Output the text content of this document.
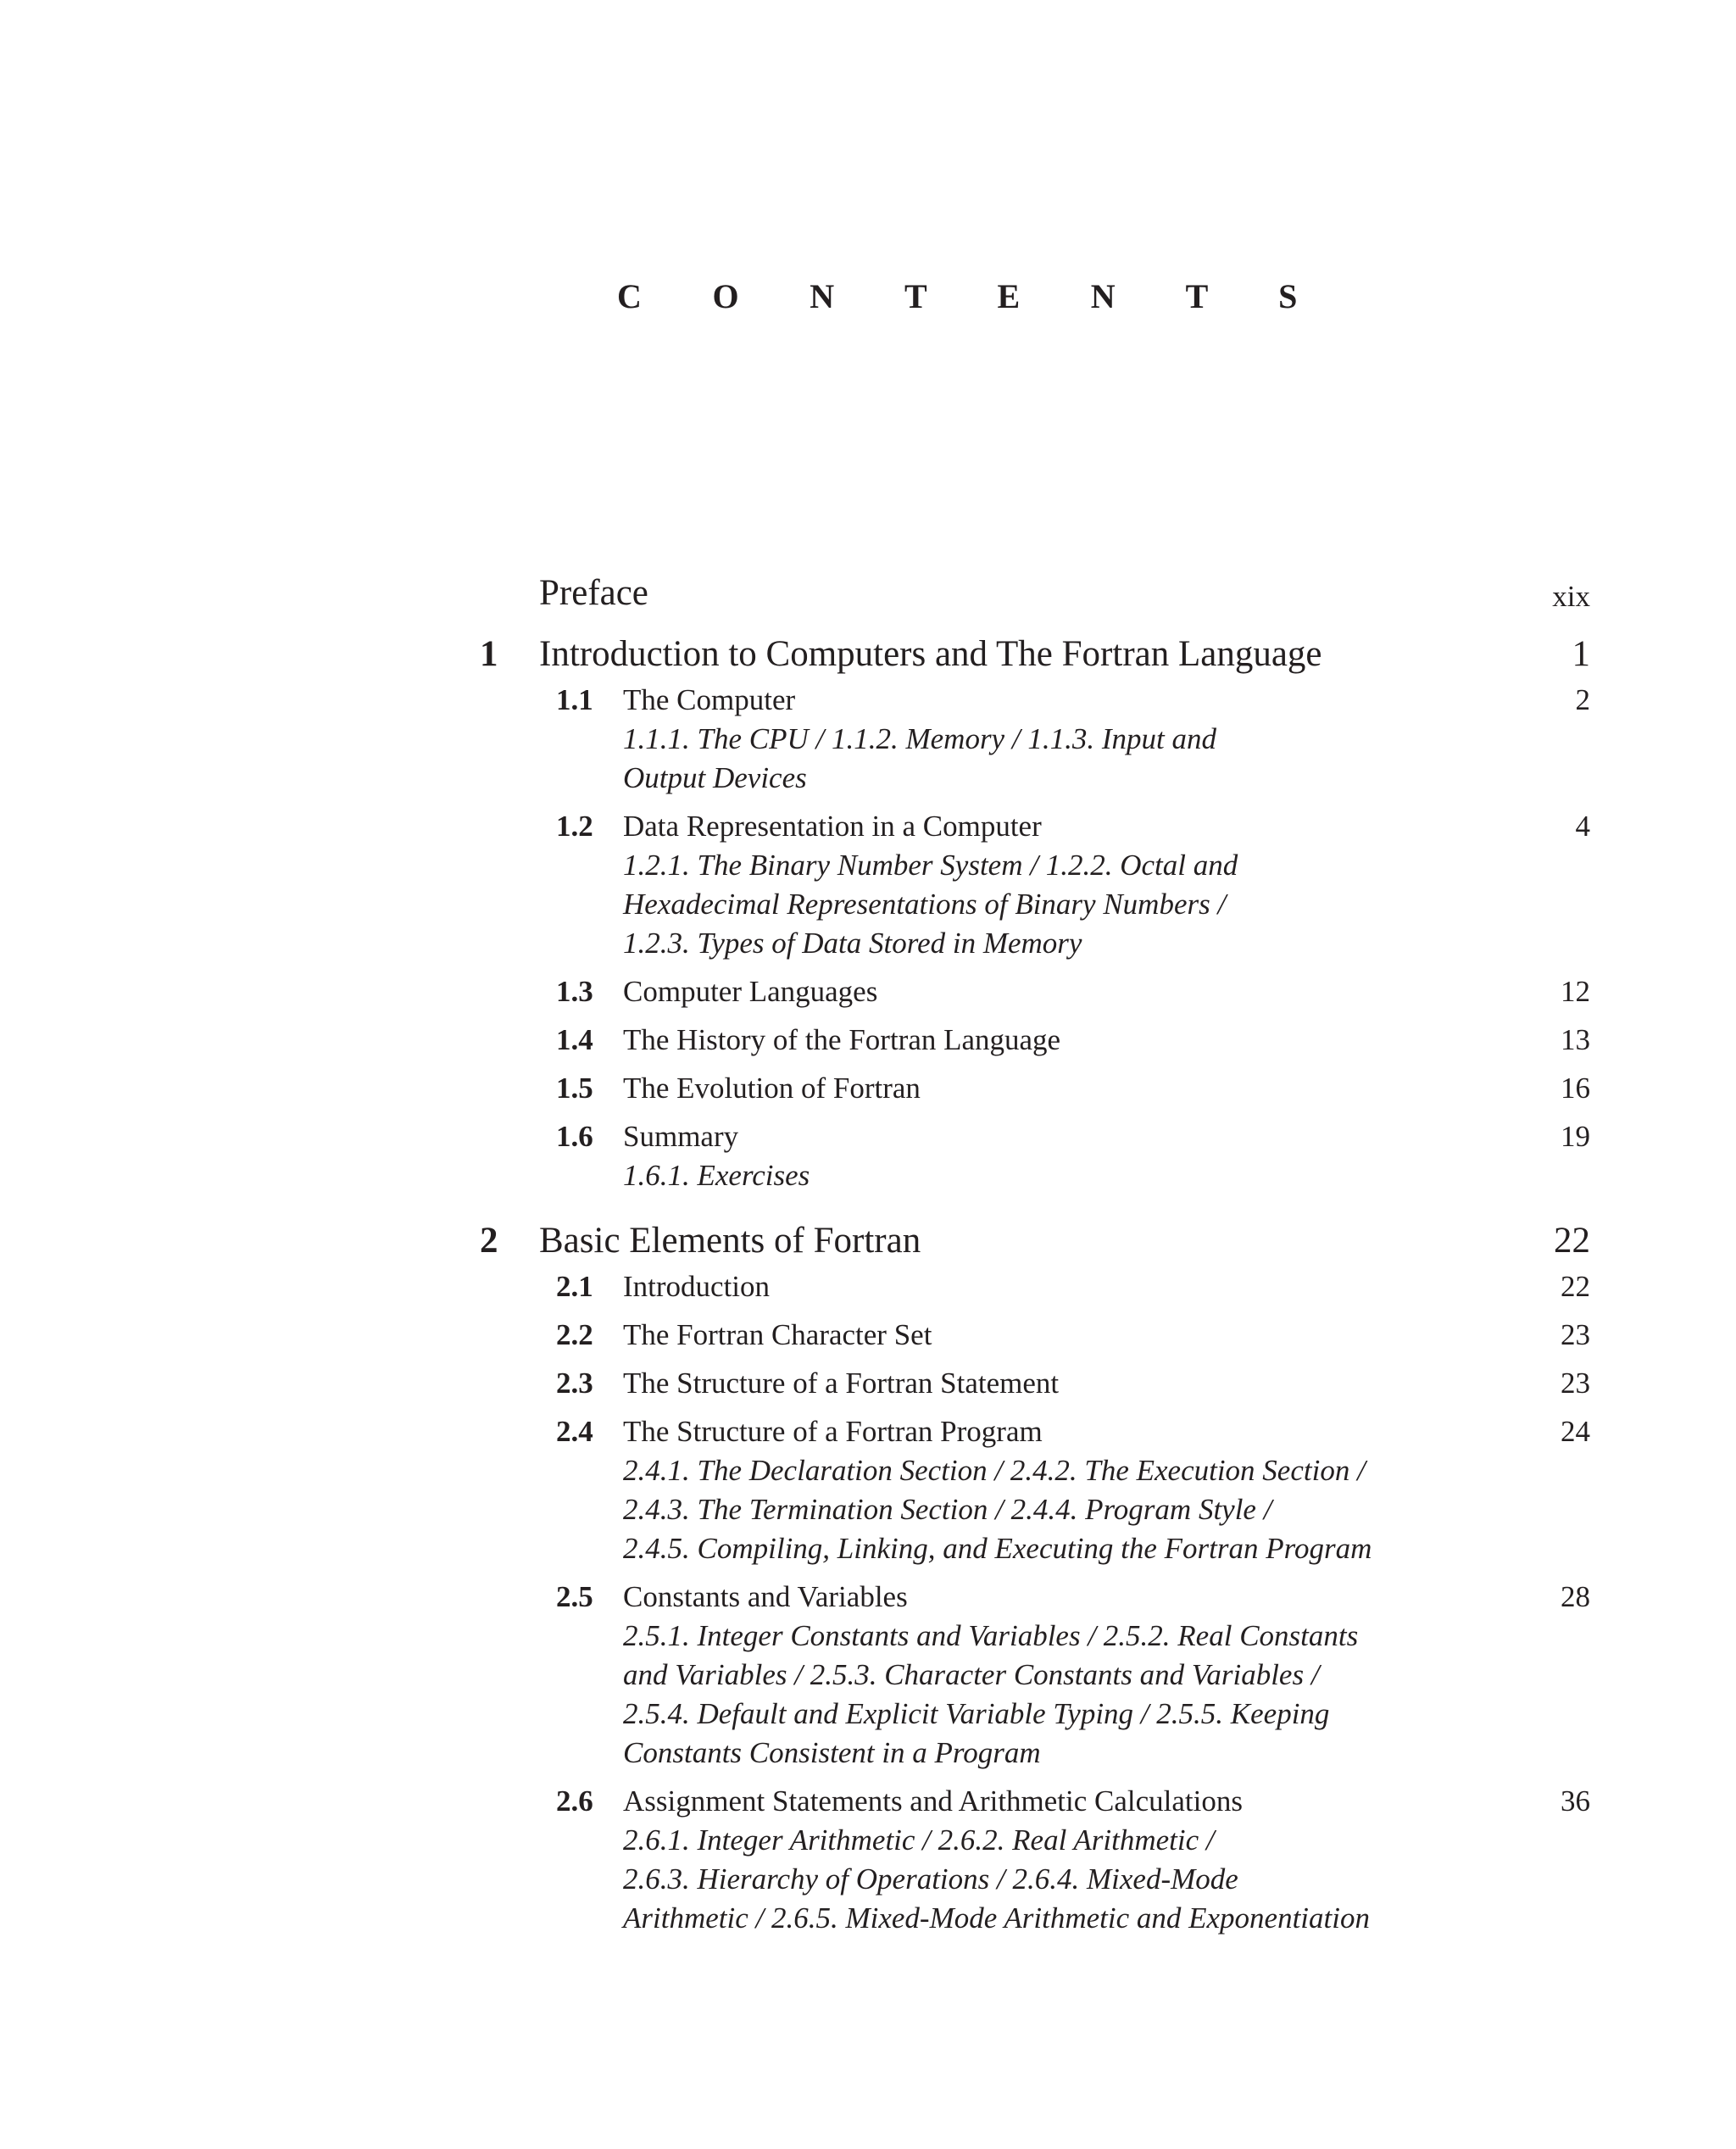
C O N T E N T S
Preface	xix
1 Introduction to Computers and The Fortran Language	1
1.1 The Computer	2
1.1.1. The CPU / 1.1.2. Memory / 1.1.3. Input and
Output Devices
1.2 Data Representation in a Computer	4
1.2.1. The Binary Number System / 1.2.2. Octal and
Hexadecimal Representations of Binary Numbers /
1.2.3. Types of Data Stored in Memory
1.3 Computer Languages	12
1.4 The History of the Fortran Language	13
1.5 The Evolution of Fortran	16
1.6 Summary	19
1.6.1. Exercises
2 Basic Elements of Fortran	22
2.1 Introduction	22
2.2 The Fortran Character Set	23
2.3 The Structure of a Fortran Statement	23
2.4 The Structure of a Fortran Program	24
2.4.1. The Declaration Section / 2.4.2. The Execution Section /
2.4.3. The Termination Section / 2.4.4. Program Style /
2.4.5. Compiling, Linking, and Executing the Fortran Program
2.5 Constants and Variables	28
2.5.1. Integer Constants and Variables / 2.5.2. Real Constants
and Variables / 2.5.3. Character Constants and Variables /
2.5.4. Default and Explicit Variable Typing / 2.5.5. Keeping
Constants Consistent in a Program
2.6 Assignment Statements and Arithmetic Calculations	36
2.6.1. Integer Arithmetic / 2.6.2. Real Arithmetic /
2.6.3. Hierarchy of Operations / 2.6.4. Mixed-Mode
Arithmetic / 2.6.5. Mixed-Mode Arithmetic and Exponentiation
